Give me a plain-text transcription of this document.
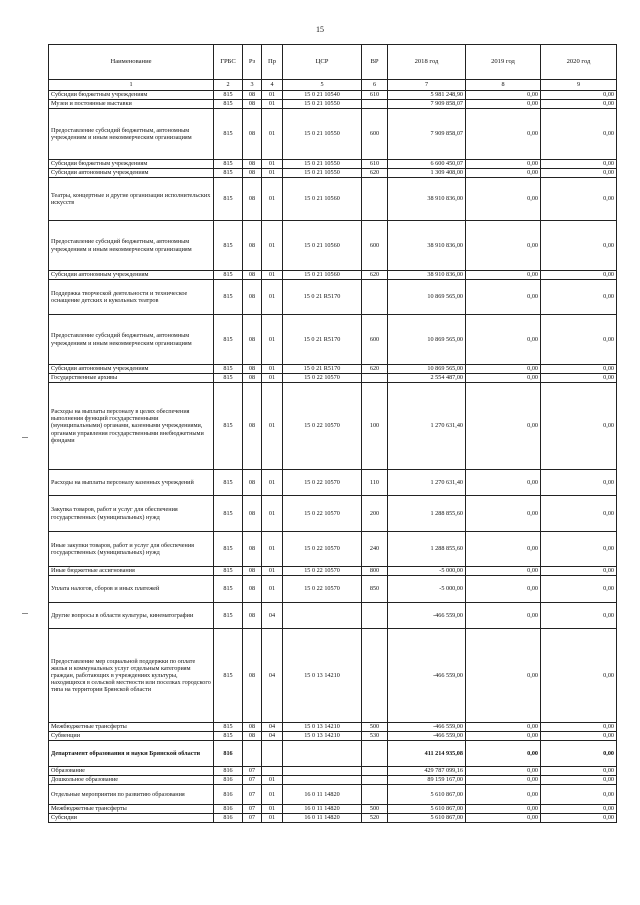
15
Наименование	ГРБС	Рз	Пр	ЦСР	ВР	2018 год	2019 год	2020 год
1	2	3	4	5	6	7	8	9
Субсидии бюджетным учреждениям	815	08	01	15 0 21 10540	610	5 981 248,90	0,00	0,00
Музеи и постоянные выставки	815	08	01	15 0 21 10550		7 909 858,07	0,00	0,00
Предоставление субсидий бюджетным, автономным учреждениям и иным некоммерческим организациям	815	08	01	15 0 21 10550	600	7 909 858,07	0,00	0,00
Субсидии бюджетным учреждениям	815	08	01	15 0 21 10550	610	6 600 450,07	0,00	0,00
Субсидии автономным учреждениям	815	08	01	15 0 21 10550	620	1 309 408,00	0,00	0,00
Театры, концертные и другие организации исполнительских искусств	815	08	01	15 0 21 10560		38 910 836,00	0,00	0,00
Предоставление субсидий бюджетным, автономным учреждениям и иным некоммерческим организациям	815	08	01	15 0 21 10560	600	38 910 836,00	0,00	0,00
Субсидии автономным учреждениям	815	08	01	15 0 21 10560	620	38 910 836,00	0,00	0,00
Поддержка творческой деятельности и техническое оснащение детских и кукольных театров	815	08	01	15 0 21 R5170		10 869 565,00	0,00	0,00
Предоставление субсидий бюджетным, автономным учреждениям и иным некоммерческим организациям	815	08	01	15 0 21 R5170	600	10 869 565,00	0,00	0,00
Субсидии автономным учреждениям	815	08	01	15 0 21 R5170	620	10 869 565,00	0,00	0,00
Государственные архивы	815	08	01	15 0 22 10570		2 554 487,00	0,00	0,00
Расходы на выплаты персоналу в целях обеспечения выполнения функций государственными (муниципальными) органами, казенными учреждениями, органами управления государственными внебюджетными фондами	815	08	01	15 0 22 10570	100	1 270 631,40	0,00	0,00
Расходы на выплаты персоналу казенных учреждений	815	08	01	15 0 22 10570	110	1 270 631,40	0,00	0,00
Закупка товаров, работ и услуг для обеспечения государственных (муниципальных) нужд	815	08	01	15 0 22 10570	200	1 288 855,60	0,00	0,00
Иные закупки товаров, работ и услуг для обеспечения государственных (муниципальных) нужд	815	08	01	15 0 22 10570	240	1 288 855,60	0,00	0,00
Иные бюджетные ассигнования	815	08	01	15 0 22 10570	800	-5 000,00	0,00	0,00
Уплата налогов, сборов и иных платежей	815	08	01	15 0 22 10570	850	-5 000,00	0,00	0,00
Другие вопросы в области культуры, кинематографии	815	08	04			-466 559,00	0,00	0,00
Предоставление мер социальной поддержки по оплате жилья и коммунальных услуг отдельным категориям граждан, работающих в учреждениях культуры, находящихся в сельской местности или поселках городского типа на территории Брянской области	815	08	04	15 0 13 14210		-466 559,00	0,00	0,00
Межбюджетные трансферты	815	08	04	15 0 13 14210	500	-466 559,00	0,00	0,00
Субвенции	815	08	04	15 0 13 14210	530	-466 559,00	0,00	0,00
Департамент образования и науки Брянской области	816					411 214 935,08	0,00	0,00
Образование	816	07				429 787 099,16	0,00	0,00
Дошкольное образование	816	07	01			89 159 167,00	0,00	0,00
Отдельные мероприятия по развитию образования	816	07	01	16 0 11 14820		5 610 867,00	0,00	0,00
Межбюджетные трансферты	816	07	01	16 0 11 14820	500	5 610 867,00	0,00	0,00
Субсидии	816	07	01	16 0 11 14820	520	5 610 867,00	0,00	0,00
